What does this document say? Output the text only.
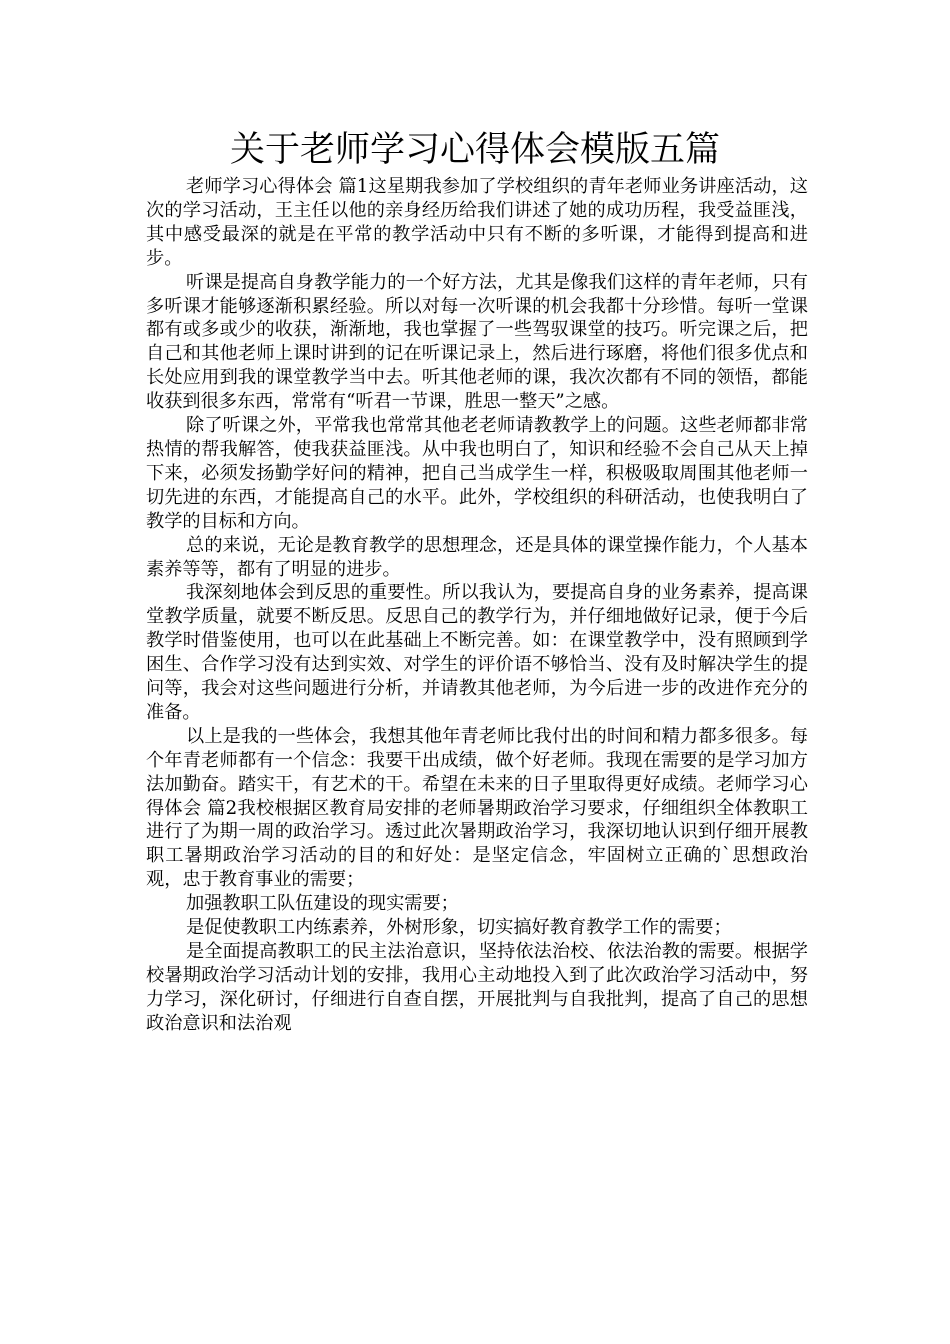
关于老师学习心得体会模版五篇

老师学习心得体会 篇1这星期我参加了学校组织的青年老师业务讲座活动，这次的学习活动，王主任以他的亲身经历给我们讲述了她的成功历程，我受益匪浅，其中感受最深的就是在平常的教学活动中只有不断的多听课，才能得到提高和进步。

听课是提高自身教学能力的一个好方法，尤其是像我们这样的青年老师，只有多听课才能够逐渐积累经验。所以对每一次听课的机会我都十分珍惜。每听一堂课都有或多或少的收获，渐渐地，我也掌握了一些驾驭课堂的技巧。听完课之后，把自己和其他老师上课时讲到的记在听课记录上，然后进行琢磨，将他们很多优点和长处应用到我的课堂教学当中去。听其他老师的课，我次次都有不同的领悟，都能收获到很多东西，常常有“听君一节课，胜思一整天”之感。

除了听课之外，平常我也常常其他老老师请教教学上的问题。这些老师都非常热情的帮我解答，使我获益匪浅。从中我也明白了，知识和经验不会自己从天上掉下来，必须发扬勤学好问的精神，把自己当成学生一样，积极吸取周围其他老师一切先进的东西，才能提高自己的水平。此外，学校组织的科研活动，也使我明白了教学的目标和方向。

总的来说，无论是教育教学的思想理念，还是具体的课堂操作能力，个人基本素养等等，都有了明显的进步。

我深刻地体会到反思的重要性。所以我认为，要提高自身的业务素养，提高课堂教学质量，就要不断反思。反思自己的教学行为，并仔细地做好记录，便于今后教学时借鉴使用，也可以在此基础上不断完善。如：在课堂教学中，没有照顾到学困生、合作学习没有达到实效、对学生的评价语不够恰当、没有及时解决学生的提问等，我会对这些问题进行分析，并请教其他老师，为今后进一步的改进作充分的准备。

以上是我的一些体会，我想其他年青老师比我付出的时间和精力都多很多。每个年青老师都有一个信念：我要干出成绩，做个好老师。我现在需要的是学习加方法加勤奋。踏实干，有艺术的干。希望在未来的日子里取得更好成绩。老师学习心得体会 篇2我校根据区教育局安排的老师暑期政治学习要求，仔细组织全体教职工进行了为期一周的政治学习。透过此次暑期政治学习，我深切地认识到仔细开展教职工暑期政治学习活动的目的和好处：是坚定信念，牢固树立正确的`思想政治观，忠于教育事业的需要；

加强教职工队伍建设的现实需要；

是促使教职工内练素养，外树形象，切实搞好教育教学工作的需要；

是全面提高教职工的民主法治意识，坚持依法治校、依法治教的需要。根据学校暑期政治学习活动计划的安排，我用心主动地投入到了此次政治学习活动中，努力学习，深化研讨，仔细进行自查自摆，开展批判与自我批判，提高了自己的思想政治意识和法治观
